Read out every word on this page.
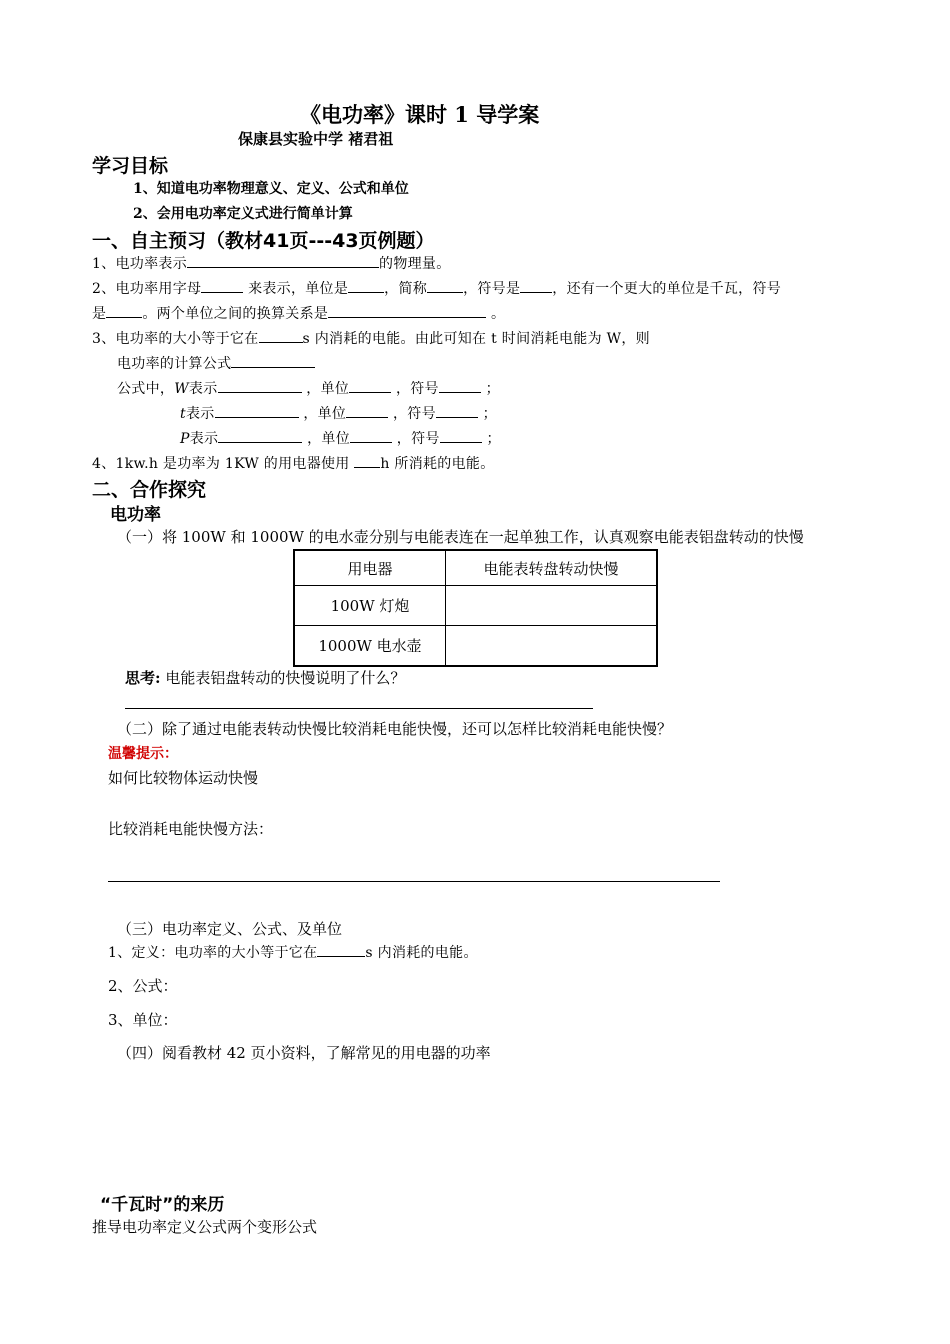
《电功率》课时 1 导学案
保康县实验中学 褚君祖
学习目标
1、知道电功率物理意义、定义、公式和单位
2、会用电功率定义式进行简单计算
一、自主预习（教材41页---43页例题）
1、电功率表示	的物理量。
2、电功率用字母	来表示，单位是	，简称	，符号是 ，还有一个更大的单位是千瓦，符号
是	。两个单位之间的换算关系是	。
3、电功率的大小等于它在	s 内消耗的电能。由此可知在 t 时间消耗电能为 W，则
电功率的计算公式
公式中，W表示	，单位	，符号	；
t表示	，单位	，符号	；
P表示	，单位	，符号	；
4、1kw.h 是功率为 1KW 的用电器使用 h 所消耗的电能。
二、合作探究
电功率
（一）将 100W 和 1000W 的电水壶分别与电能表连在一起单独工作，认真观察电能表铝盘转动的快慢
用电器	电能表转盘转动快慢
100W 灯炮	
1000W 电水壶	
思考: 电能表铝盘转动的快慢说明了什么？
（二）除了通过电能表转动快慢比较消耗电能快慢，还可以怎样比较消耗电能快慢？
温馨提示：
如何比较物体运动快慢
比较消耗电能快慢方法：
（三）电功率定义、公式、及单位
1、定义：电功率的大小等于它在	s 内消耗的电能。
2、公式：
3、单位：
（四）阅看教材 42 页小资料，了解常见的用电器的功率
“千瓦时”的来历
推导电功率定义公式两个变形公式
